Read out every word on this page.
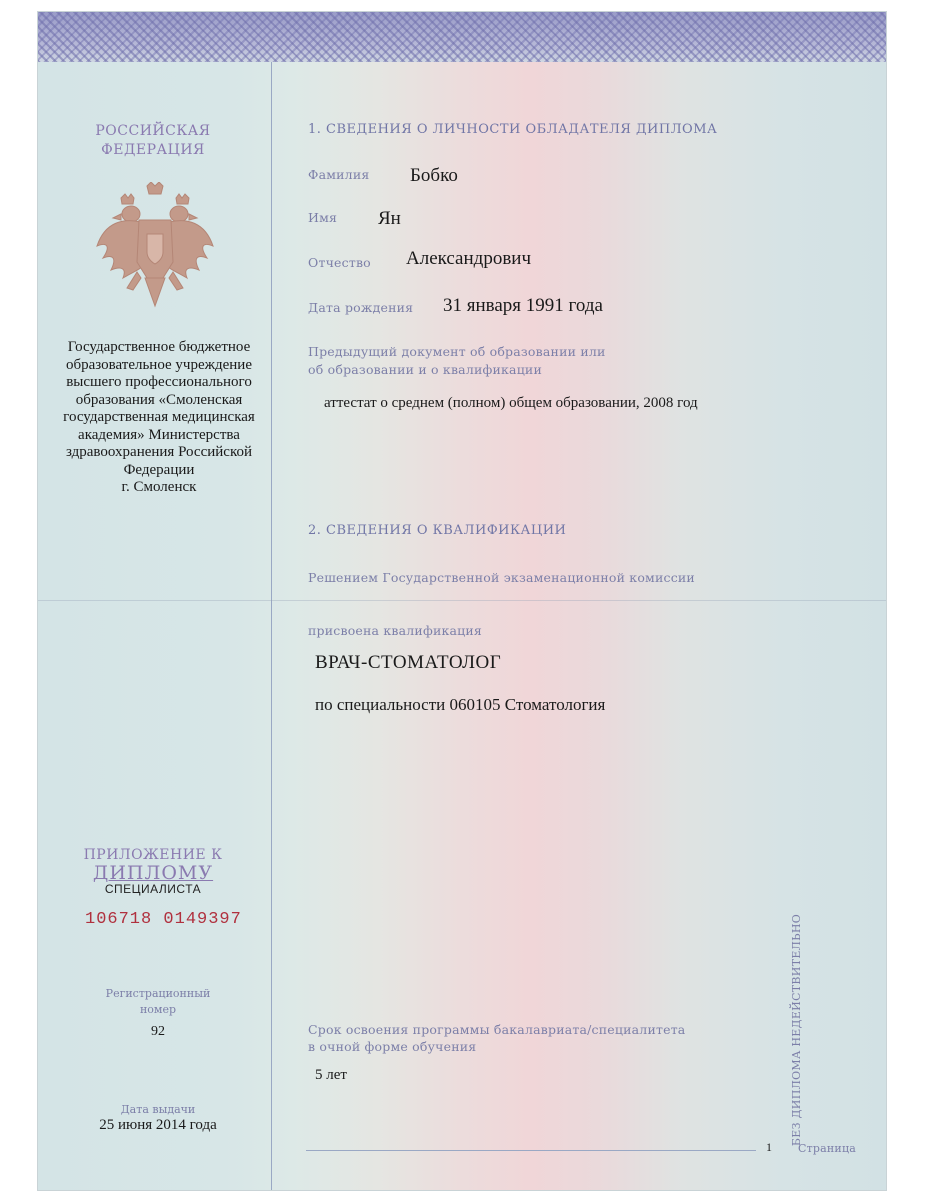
РОССИЙСКАЯ
ФЕДЕРАЦИЯ
Государственное бюджетное
образовательное учреждение
высшего профессионального
образования «Смоленская
государственная медицинская
академия» Министерства
здравоохранения Российской
Федерации
г. Смоленск
ПРИЛОЖЕНИЕ К
ДИПЛОМУ
СПЕЦИАЛИСТА
106718 0149397
Регистрационный
номер
92
Дата выдачи
25 июня 2014 года
1. СВЕДЕНИЯ О ЛИЧНОСТИ ОБЛАДАТЕЛЯ ДИПЛОМА
Фамилия Бобко
Имя Ян
Отчество Александрович
Дата рождения 31 января 1991 года
Предыдущий документ об образовании или
об образовании и о квалификации
аттестат о среднем (полном) общем образовании, 2008 год
2. СВЕДЕНИЯ О КВАЛИФИКАЦИИ
Решением Государственной экзаменационной комиссии
присвоена квалификация
ВРАЧ-СТОМАТОЛОГ
по специальности 060105 Стоматология
Срок освоения программы бакалавриата/специалитета
в очной форме обучения
5 лет	БЕЗ ДИПЛОМА НЕДЕЙСТВИТЕЛЬНО
1 Страница
